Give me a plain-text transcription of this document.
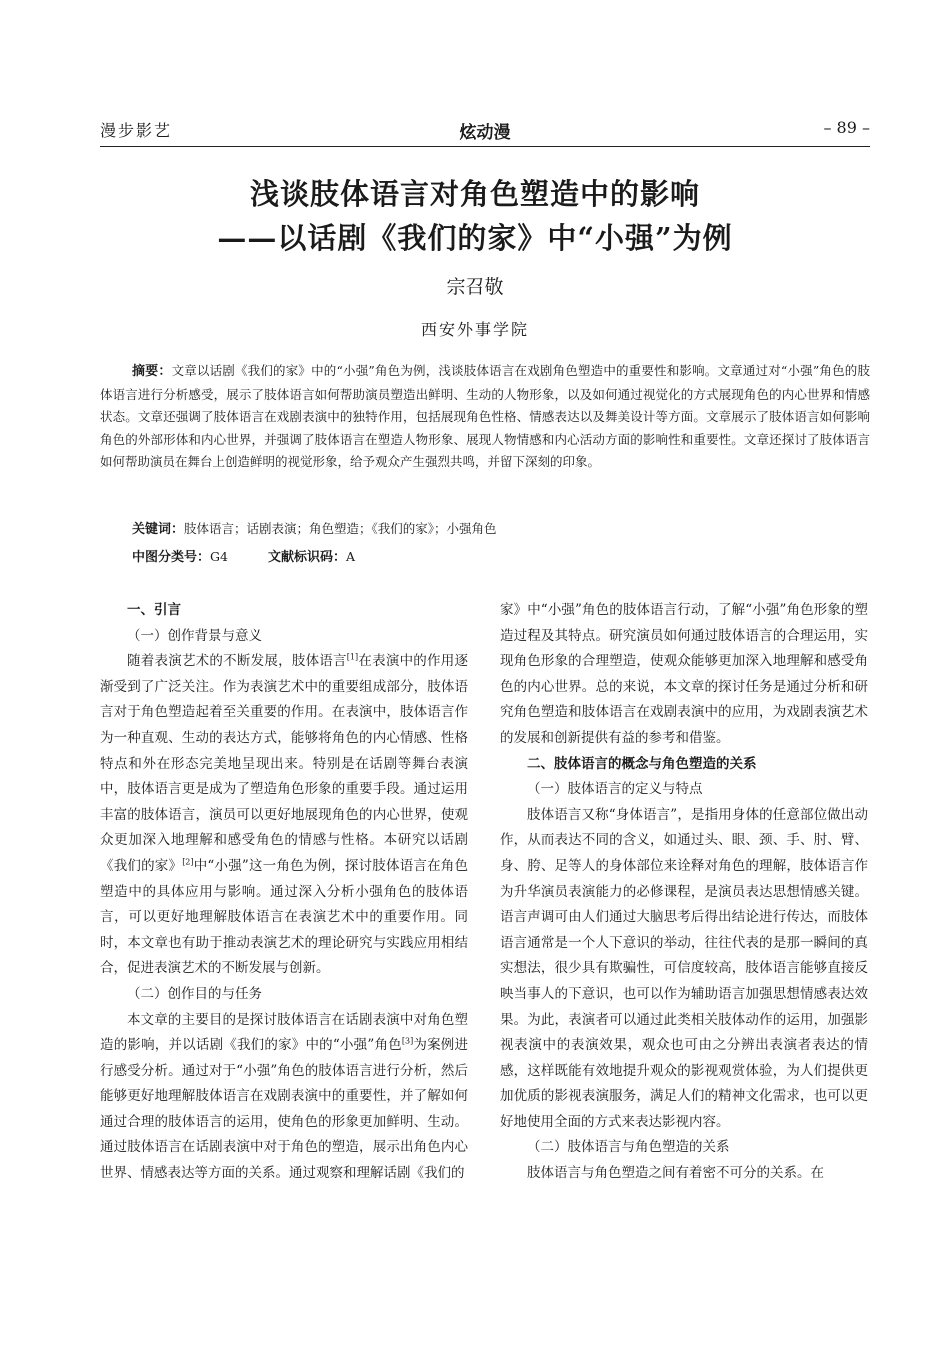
漫步影艺	炫动漫	– 89 –
浅谈肢体语言对角色塑造中的影响
——以话剧《我们的家》中“小强”为例
宗召敬
西安外事学院
摘要：文章以话剧《我们的家》中的“小强”角色为例，浅谈肢体语言在戏剧角色塑造中的重要性和影响。文章通过对“小强”角色的肢体语言进行分析感受，展示了肢体语言如何帮助演员塑造出鲜明、生动的人物形象，以及如何通过视觉化的方式展现角色的内心世界和情感状态。文章还强调了肢体语言在戏剧表演中的独特作用，包括展现角色性格、情感表达以及舞美设计等方面。文章展示了肢体语言如何影响角色的外部形体和内心世界，并强调了肢体语言在塑造人物形象、展现人物情感和内心活动方面的影响性和重要性。文章还探讨了肢体语言如何帮助演员在舞台上创造鲜明的视觉形象，给予观众产生强烈共鸣，并留下深刻的印象。
关键词：肢体语言；话剧表演；角色塑造；《我们的家》；小强角色
中图分类号：G4	文献标识码：A
一、引言
（一）创作背景与意义

随着表演艺术的不断发展，肢体语言[1]在表演中的作用逐渐受到了广泛关注。作为表演艺术中的重要组成部分，肢体语言对于角色塑造起着至关重要的作用。在表演中，肢体语言作为一种直观、生动的表达方式，能够将角色的内心情感、性格特点和外在形态完美地呈现出来。特别是在话剧等舞台表演中，肢体语言更是成为了塑造角色形象的重要手段。通过运用丰富的肢体语言，演员可以更好地展现角色的内心世界，使观众更加深入地理解和感受角色的情感与性格。本研究以话剧《我们的家》[2]中“小强”这一角色为例，探讨肢体语言在角色塑造中的具体应用与影响。通过深入分析小强角色的肢体语言，可以更好地理解肢体语言在表演艺术中的重要作用。同时，本文章也有助于推动表演艺术的理论研究与实践应用相结合，促进表演艺术的不断发展与创新。

（二）创作目的与任务

本文章的主要目的是探讨肢体语言在话剧表演中对角色塑造的影响，并以话剧《我们的家》中的“小强”角色[3]为案例进行感受分析。通过对于“小强”角色的肢体语言进行分析，然后能够更好地理解肢体语言在戏剧表演中的重要性，并了解如何通过合理的肢体语言的运用，使角色的形象更加鲜明、生动。通过肢体语言在话剧表演中对于角色的塑造，展示出角色内心世界、情感表达等方面的关系。通过观察和理解话剧《我们的

家》中“小强”角色的肢体语言行动，了解“小强”角色形象的塑造过程及其特点。研究演员如何通过肢体语言的合理运用，实现角色形象的合理塑造，使观众能够更加深入地理解和感受角色的内心世界。总的来说，本文章的探讨任务是通过分析和研究角色塑造和肢体语言在戏剧表演中的应用，为戏剧表演艺术的发展和创新提供有益的参考和借鉴。

二、肢体语言的概念与角色塑造的关系
（一）肢体语言的定义与特点

肢体语言又称“身体语言”，是指用身体的任意部位做出动作，从而表达不同的含义，如通过头、眼、颈、手、肘、臂、身、胯、足等人的身体部位来诠释对角色的理解，肢体语言作为升华演员表演能力的必修课程，是演员表达思想情感关键。语言声调可由人们通过大脑思考后得出结论进行传达，而肢体语言通常是一个人下意识的举动，往往代表的是那一瞬间的真实想法，很少具有欺骗性，可信度较高，肢体语言能够直接反映当事人的下意识，也可以作为辅助语言加强思想情感表达效果。为此，表演者可以通过此类相关肢体动作的运用，加强影视表演中的表演效果，观众也可由之分辨出表演者表达的情感，这样既能有效地提升观众的影视观赏体验，为人们提供更加优质的影视表演服务，满足人们的精神文化需求，也可以更好地使用全面的方式来表达影视内容。

（二）肢体语言与角色塑造的关系

肢体语言与角色塑造之间有着密不可分的关系。在
